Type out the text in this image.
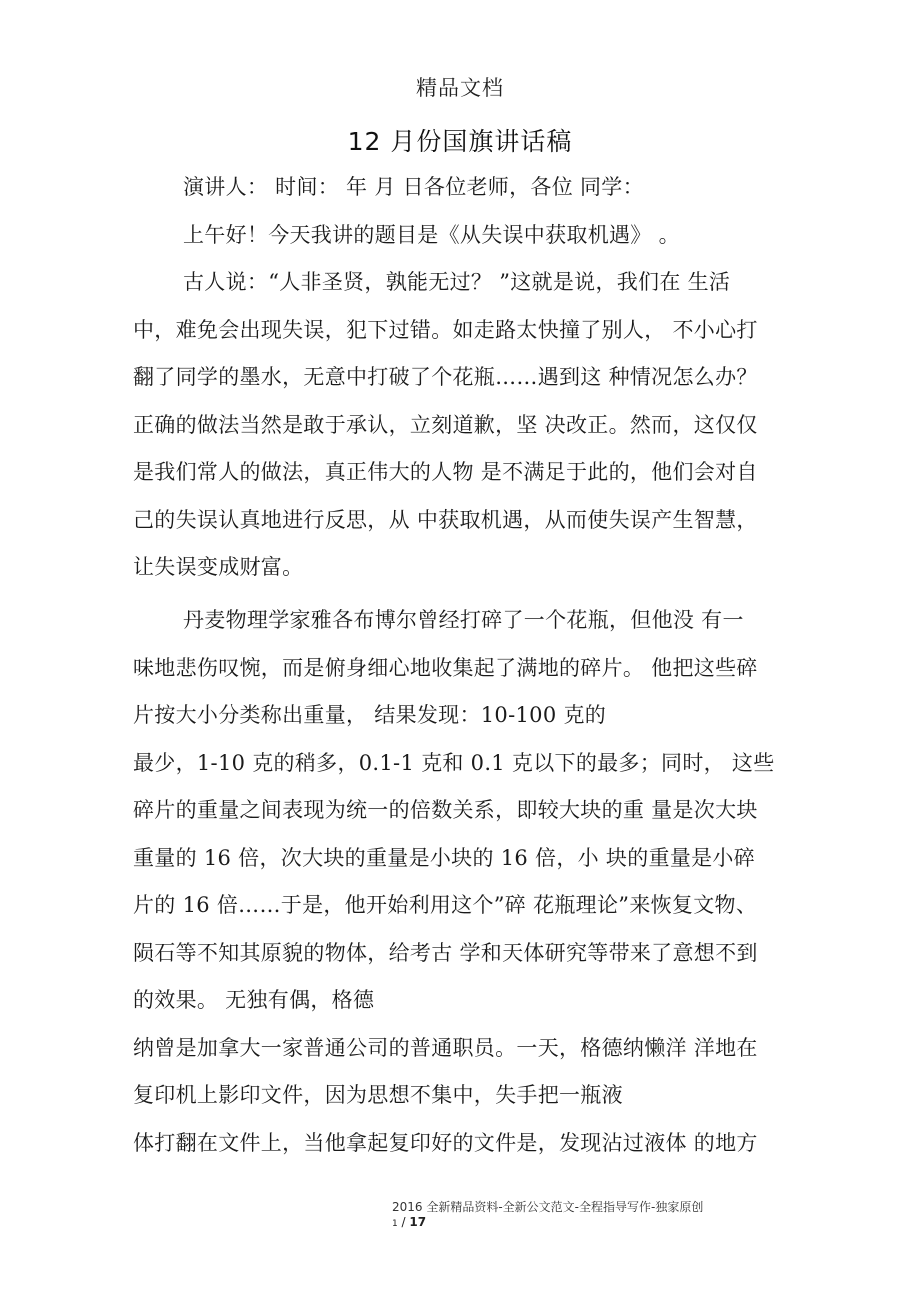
精品文档
12 月份国旗讲话稿
演讲人： 时间： 年 月 日各位老师，各位 同学：
上午好！今天我讲的题目是《从失误中获取机遇》 。
古人说：“人非圣贤，孰能无过？ ”这就是说，我们在 生活
中，难免会出现失误，犯下过错。如走路太快撞了别人， 不小心打
翻了同学的墨水，无意中打破了个花瓶……遇到这 种情况怎么办？
正确的做法当然是敢于承认，立刻道歉，坚 决改正。然而，这仅仅
是我们常人的做法，真正伟大的人物 是不满足于此的，他们会对自
己的失误认真地进行反思，从 中获取机遇，从而使失误产生智慧，
让失误变成财富。
丹麦物理学家雅各布博尔曾经打碎了一个花瓶，但他没 有一
味地悲伤叹惋，而是俯身细心地收集起了满地的碎片。 他把这些碎
片按大小分类称出重量， 结果发现：10-100 克的
最少，1-10 克的稍多，0.1-1 克和 0.1 克以下的最多；同时， 这些
碎片的重量之间表现为统一的倍数关系，即较大块的重 量是次大块
重量的 16 倍，次大块的重量是小块的 16 倍，小 块的重量是小碎
片的 16 倍……于是，他开始利用这个”碎 花瓶理论”来恢复文物、
陨石等不知其原貌的物体，给考古 学和天体研究等带来了意想不到
的效果。 无独有偶，格德
纳曾是加拿大一家普通公司的普通职员。一天，格德纳懒洋 洋地在
复印机上影印文件，因为思想不集中，失手把一瓶液
体打翻在文件上，当他拿起复印好的文件是，发现沾过液体 的地方
2016 全新精品资料-全新公文范文-全程指导写作-独家原创
1 / 17
